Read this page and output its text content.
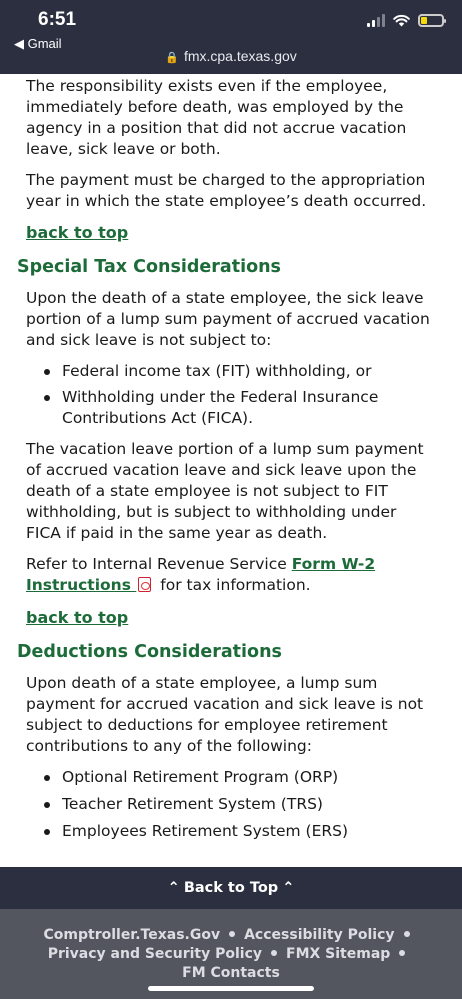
6:51
◀ Gmail
🔒 fmx.cpa.texas.gov

The responsibility exists even if the employee, immediately before death, was employed by the agency in a position that did not accrue vacation leave, sick leave or both.

The payment must be charged to the appropriation year in which the state employee’s death occurred.

back to top
Special Tax Considerations

Upon the death of a state employee, the sick leave portion of a lump sum payment of accrued vacation and sick leave is not subject to:

Federal income tax (FIT) withholding, or
Withholding under the Federal Insurance Contributions Act (FICA).

The vacation leave portion of a lump sum payment of accrued vacation leave and sick leave upon the death of a state employee is not subject to FIT withholding, but is subject to withholding under FICA if paid in the same year as death.

Refer to Internal Revenue Service Form W-2 Instructions  for tax information.

back to top
Deductions Considerations

Upon death of a state employee, a lump sum payment for accrued vacation and sick leave is not subject to deductions for employee retirement contributions to any of the following:

Optional Retirement Program (ORP)
Teacher Retirement System (TRS)
Employees Retirement System (ERS)
⌃ Back to Top ⌃
Comptroller.Texas.Gov Accessibility Policy
Privacy and Security Policy FMX Sitemap
FM Contacts
